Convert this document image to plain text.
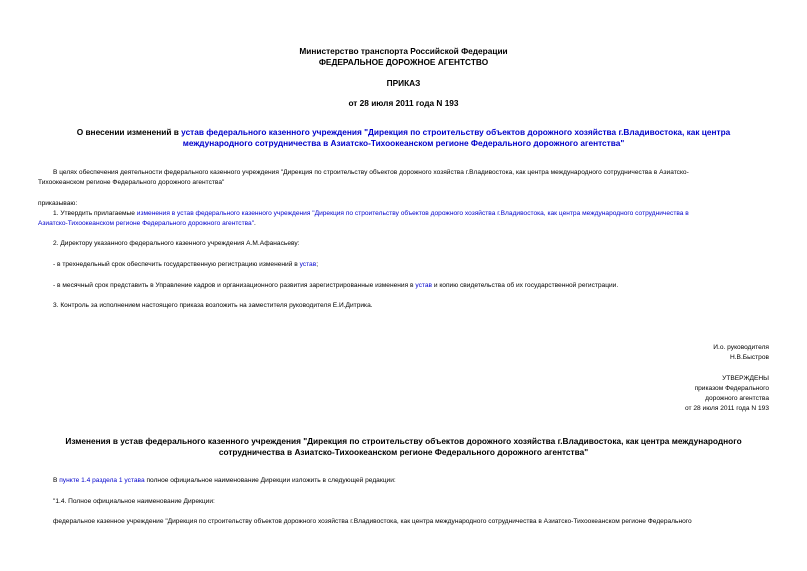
Министерство транспорта Российской Федерации
ФЕДЕРАЛЬНОЕ ДОРОЖНОЕ АГЕНТСТВО
ПРИКАЗ
от 28 июля 2011 года N 193
О внесении изменений в устав федерального казенного учреждения "Дирекция по строительству объектов дорожного хозяйства г.Владивостока, как центра
международного сотрудничества в Азиатско-Тихоокеанском регионе Федерального дорожного агентства"
В целях обеспечения деятельности федерального казенного учреждения "Дирекция по строительству объектов дорожного хозяйства г.Владивостока, как центра международного сотрудничества в Азиатско-
Тихоокеанском регионе Федерального дорожного агентства"
приказываю:
1. Утвердить прилагаемые изменения в устав федерального казенного учреждения "Дирекция по строительству объектов дорожного хозяйства г.Владивостока, как центра международного сотрудничества в
Азиатско-Тихоокеанском регионе Федерального дорожного агентства".
2. Директору указанного федерального казенного учреждения А.М.Афанасьеву:
- в трехнедельный срок обеспечить государственную регистрацию изменений в устав;
- в месячный срок представить в Управление кадров и организационного развития зарегистрированные изменения в устав и копию свидетельства об их государственной регистрации.
3. Контроль за исполнением настоящего приказа возложить на заместителя руководителя Е.И.Дитрика.
И.о. руководителя
Н.В.Быстров
УТВЕРЖДЕНЫ
приказом Федерального
дорожного агентства
от 28 июля 2011 года N 193
Изменения в устав федерального казенного учреждения "Дирекция по строительству объектов дорожного хозяйства г.Владивостока, как центра международного
сотрудничества в Азиатско-Тихоокеанском регионе Федерального дорожного агентства"
В пункте 1.4 раздела 1 устава полное официальное наименование Дирекции изложить в следующей редакции:
"1.4. Полное официальное наименование Дирекции:
федеральное казенное учреждение "Дирекция по строительству объектов дорожного хозяйства г.Владивостока, как центра международного сотрудничества в Азиатско-Тихоокеанском регионе Федерального
